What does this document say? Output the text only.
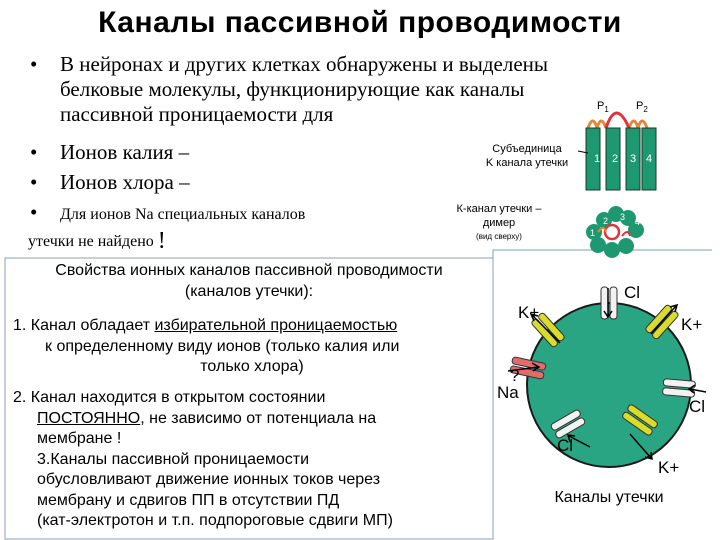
Каналы пассивной проводимости
• В нейронах и других клетках обнаружены и выделены
белковые молекулы, функционирующие как каналы
пассивной проницаемости для
• Ионов калия –
• Ионов хлора –
• Для ионов Na специальных каналов
утечки не найдено !
$P_1$ $P_2$
Субъединица
K канала утечки 1 2 3 4
1
2 3 4
К-канал утечки –
димер
(вид сверху)
Cl
K+
K+
?
Na
Cl
Cl
K+
Каналы утечки
Свойства ионных каналов пассивной проводимости
(каналов утечки):
1. Канал обладает избирательной проницаемостью
к определенному виду ионов (только калия или
только хлора)
2. Канал находится в открытом состоянии
ПОСТОЯННО, не зависимо от потенциала на
мембране !
3.Каналы пассивной проницаемости
обусловливают движение ионных токов через
мембрану и сдвигов ПП в отсутствии ПД
(кат-электротон и т.п. подпороговые сдвиги МП)
